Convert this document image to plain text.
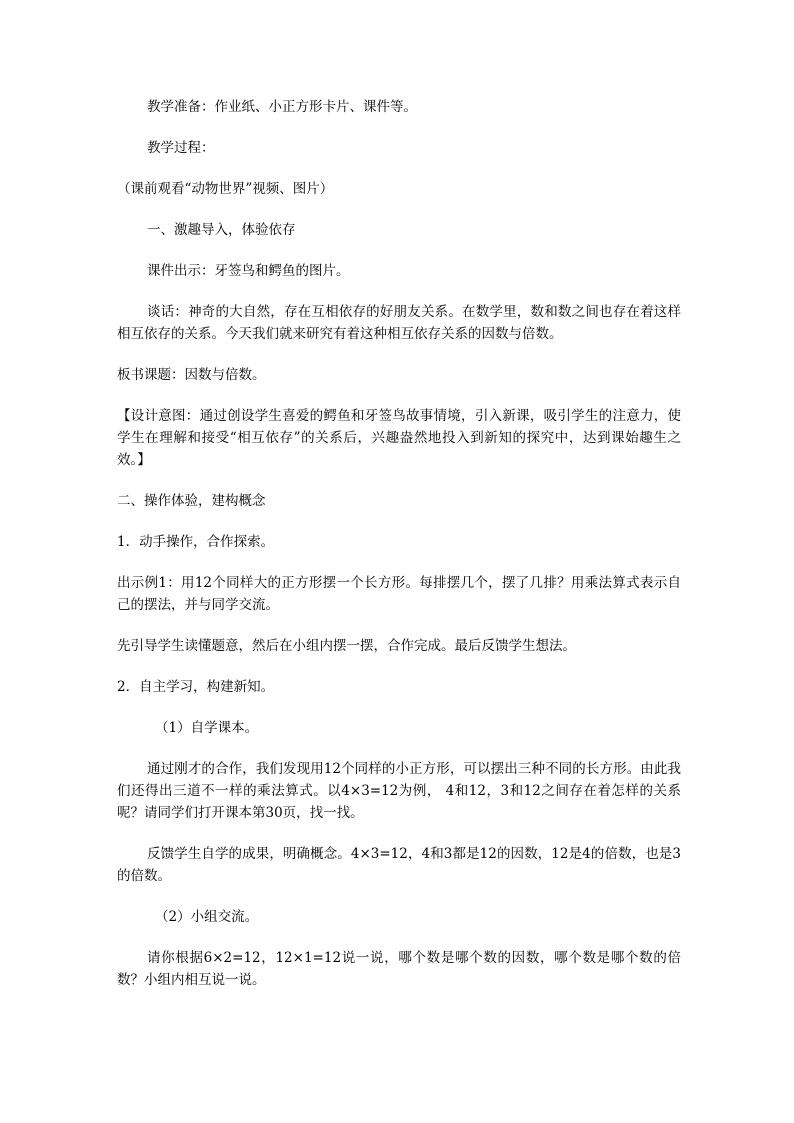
教学准备：作业纸、小正方形卡片、课件等。

教学过程：

（课前观看“动物世界”视频、图片）

一、激趣导入，体验依存

课件出示：牙签鸟和鳄鱼的图片。

谈话：神奇的大自然，存在互相依存的好朋友关系。在数学里，数和数之间也存在着这样相互依存的关系。今天我们就来研究有着这种相互依存关系的因数与倍数。

板书课题：因数与倍数。

【设计意图：通过创设学生喜爱的鳄鱼和牙签鸟故事情境，引入新课，吸引学生的注意力，使学生在理解和接受“相互依存”的关系后，兴趣盎然地投入到新知的探究中，达到课始趣生之效。】

二、操作体验，建构概念

1．动手操作，合作探索。

出示例1：用12个同样大的正方形摆一个长方形。每排摆几个，摆了几排？用乘法算式表示自己的摆法，并与同学交流。

先引导学生读懂题意，然后在小组内摆一摆，合作完成。最后反馈学生想法。

2．自主学习，构建新知。

（1）自学课本。

通过刚才的合作，我们发现用12个同样的小正方形，可以摆出三种不同的长方形。由此我们还得出三道不一样的乘法算式。以4×3=12为例， 4和12，3和12之间存在着怎样的关系呢？请同学们打开课本第30页，找一找。

反馈学生自学的成果，明确概念。4×3=12，4和3都是12的因数，12是4的倍数，也是3的倍数。

（2）小组交流。

请你根据6×2=12，12×1=12说一说，哪个数是哪个数的因数，哪个数是哪个数的倍数？小组内相互说一说。
